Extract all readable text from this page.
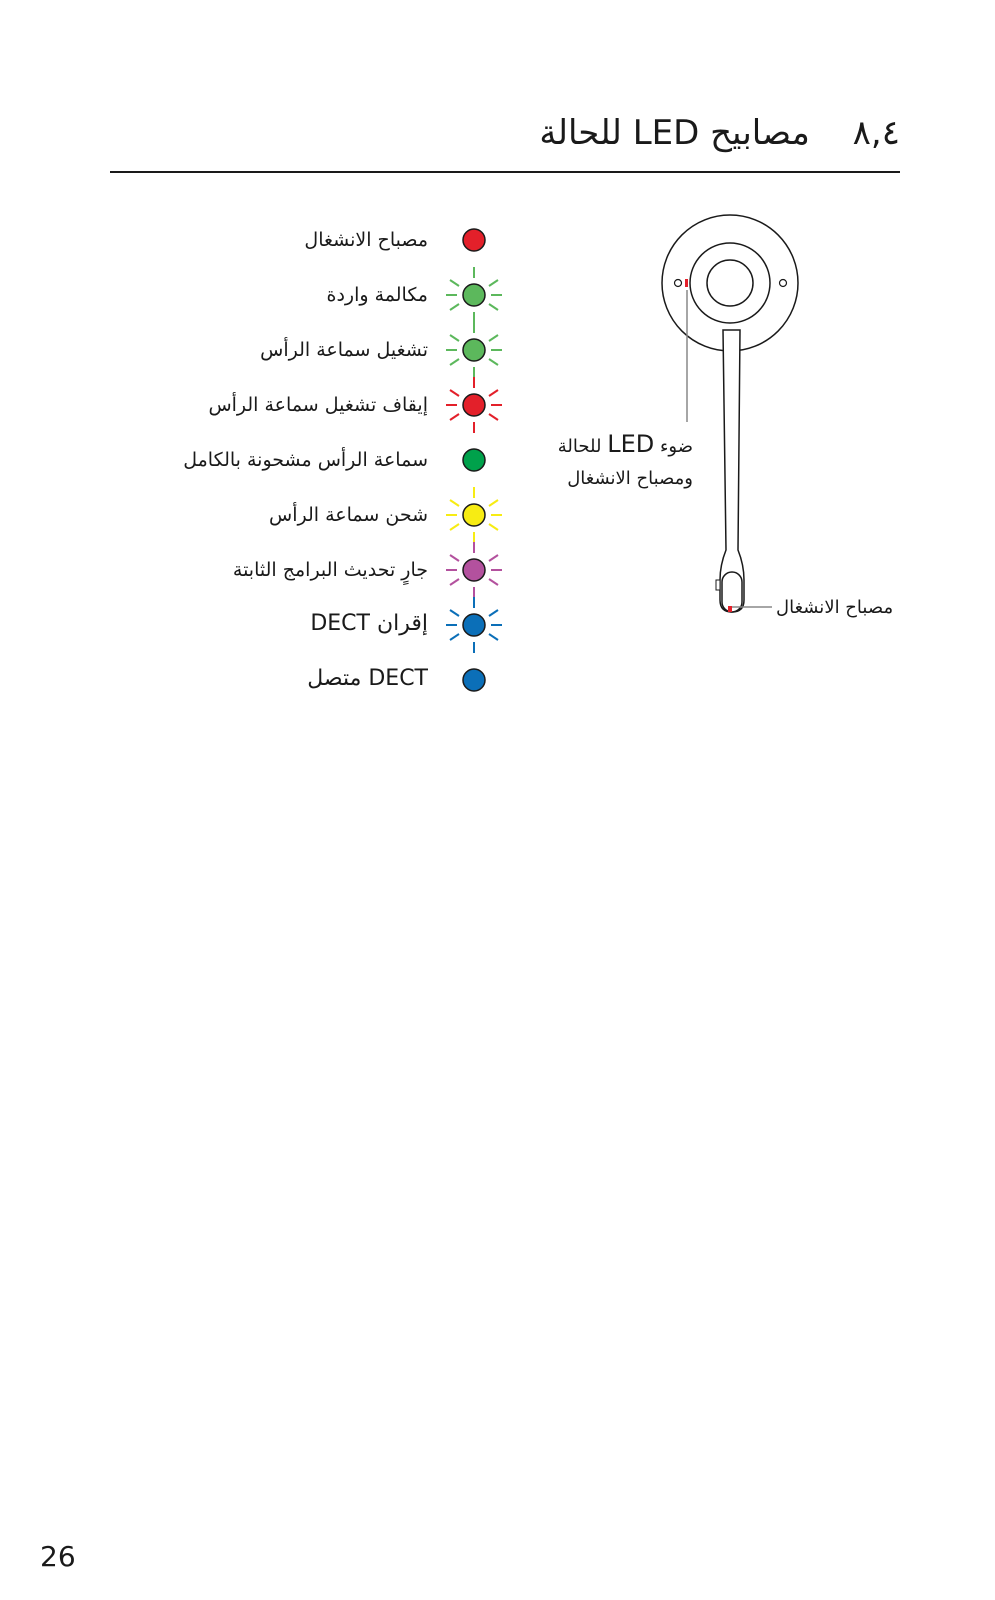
٨,٤ مصابيح LED للحالة
مصباح الانشغال
مكالمة واردة
تشغيل سماعة الرأس
إيقاف تشغيل سماعة الرأس
سماعة الرأس مشحونة بالكامل
شحن سماعة الرأس
جارٍ تحديث البرامج الثابتة
إقران DECT
DECT متصل
ضوء LED للحالة
ومصباح الانشغال
مصباح الانشغال
26
